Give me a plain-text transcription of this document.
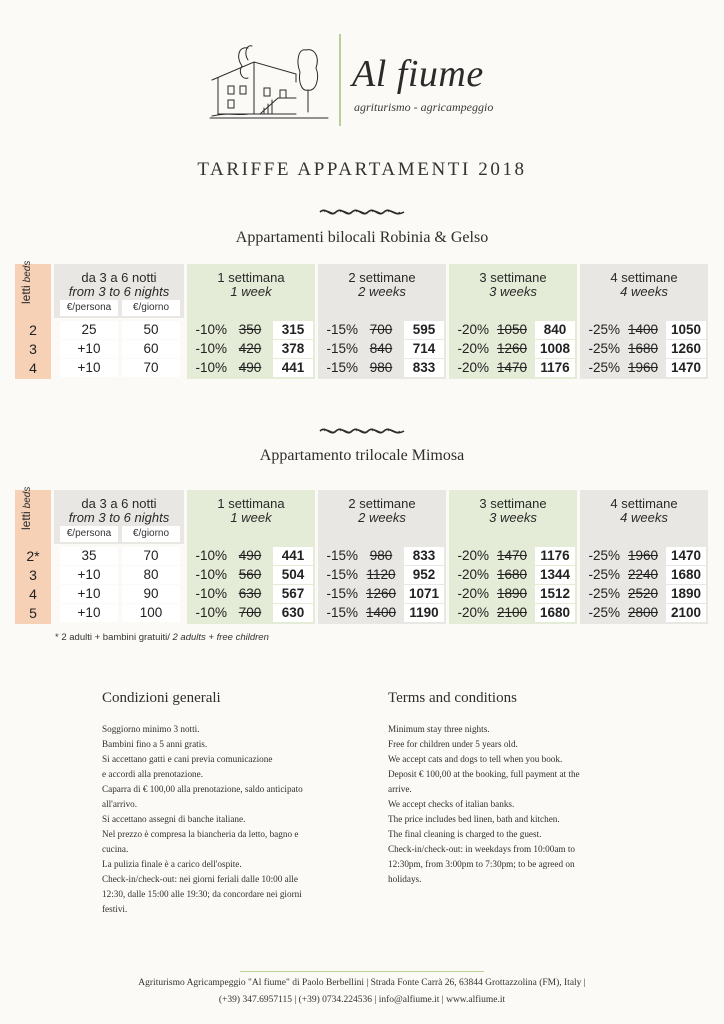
Al fiume
agriturismo - agricampeggio
TARIFFE APPARTAMENTI 2018
Appartamenti bilocali Robinia & Gelso
lettibeds	da 3 a 6 notti
from 3 to 6 nights
€/persona	€/giorno
1 settimana
1 week
2 settimane
2 weeks
3 settimane
3 weeks
4 settimane
4 weeks
2	25	50	-10% 350	315	-15% 700	595	-20% 1050	840	-25% 1400 1050
3	+10	60	-10% 420	378	-15% 840	714	-20% 1260 1008	-25% 1680 1260
4	+10	70	-10% 490	441	-15% 980	833	-20% 1470 1176	-25% 1960 1470
Appartamento trilocale Mimosa
lettibeds	da 3 a 6 notti
from 3 to 6 nights
€/persona	€/giorno
1 settimana
1 week
2 settimane
2 weeks
3 settimane
3 weeks
4 settimane
4 weeks
2*	35	70	-10% 490	441	-15% 980	833	-20% 1470 1176	-25% 1960 1470
3	+10	80	-10% 560	504	-15% 1120	952	-20% 1680 1344	-25% 2240 1680
4	+10	90	-10% 630	567	-15% 1260 1071	-20% 1890 1512	-25% 2520 1890
5	+10	100	-10% 700	630	-15% 1400 1190	-20% 2100 1680	-25% 2800 2100
* 2 adulti + bambini gratuiti/ 2 adults + free children
Condizioni generali

Soggiorno minimo 3 notti.

Bambini fino a 5 anni gratis.

Si accettano gatti e cani previa comunicazione

e accordi alla prenotazione.

Caparra di € 100,00 alla prenotazione, saldo anticipato

all'arrivo.

Si accettano assegni di banche italiane.

Nel prezzo è compresa la biancheria da letto, bagno e

cucina.

La pulizia finale è a carico dell'ospite.

Check-in/check-out: nei giorni feriali dalle 10:00 alle

12:30, dalle 15:00 alle 19:30; da concordare nei giorni

festivi.

Terms and conditions

Minimum stay three nights.

Free for children under 5 years old.

We accept cats and dogs to tell when you book.

Deposit € 100,00 at the booking, full payment at the

arrive.

We accept checks of italian banks.

The price includes bed linen, bath and kitchen.

The final cleaning is charged to the guest.

Check-in/check-out: in weekdays from 10:00am to

12:30pm, from 3:00pm to 7:30pm; to be agreed on

holidays.

Agriturismo Agricampeggio "Al fiume" di Paolo Berbellini | Strada Fonte Carrà 26, 63844 Grottazzolina (FM), Italy |
(+39) 347.6957115 | (+39) 0734.224536 | info@alfiume.it | www.alfiume.it
